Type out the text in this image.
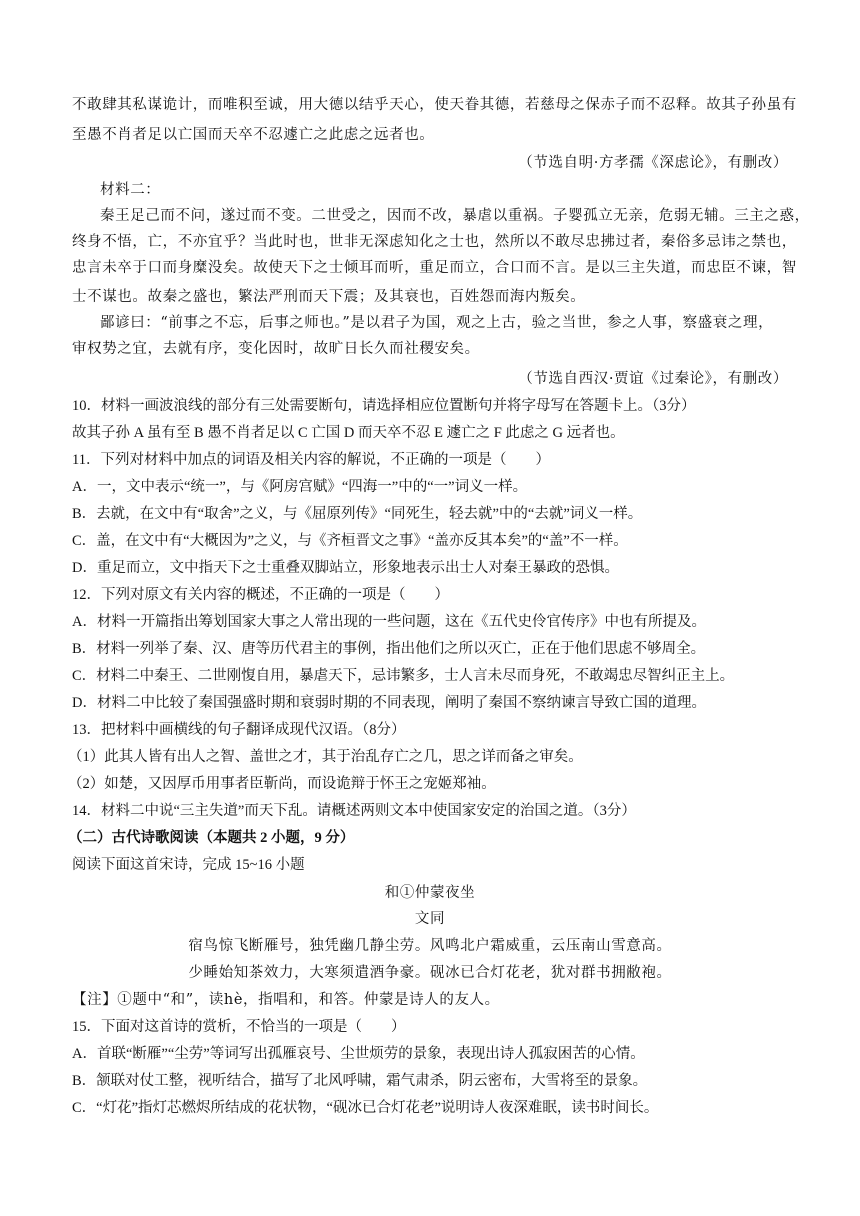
不敢肆其私谋诡计，而唯积至诚，用大德以结乎天心，使天眷其德，若慈母之保赤子而不忍释。故其子孙虽有
至愚不肖者足以亡国而天卒不忍遽亡之此虑之远者也。
（节选自明·方孝孺《深虑论》，有删改）
材料二：
秦王足己而不问，遂过而不变。二世受之，因而不改，暴虐以重祸。子婴孤立无亲，危弱无辅。三主之惑，
终身不悟，亡，不亦宜乎？当此时也，世非无深虑知化之士也，然所以不敢尽忠拂过者，秦俗多忌讳之禁也，
忠言未卒于口而身糜没矣。故使天下之士倾耳而听，重足而立，合口而不言。是以三主失道，而忠臣不谏，智
士不谋也。故秦之盛也，繁法严刑而天下震；及其衰也，百姓怨而海内叛矣。
鄙谚曰：“前事之不忘，后事之师也。”是以君子为国，观之上古，验之当世，参之人事，察盛衰之理，
审权势之宜，去就有序，变化因时，故旷日长久而社稷安矣。
（节选自西汉·贾谊《过秦论》，有删改）
10．材料一画波浪线的部分有三处需要断句，请选择相应位置断句并将字母写在答题卡上。（3分）
故其子孙 A 虽有至 B 愚不肖者足以 C 亡国 D 而天卒不忍 E 遽亡之 F 此虑之 G 远者也。
11．下列对材料中加点的词语及相关内容的解说，不正确的一项是（　　）
A．一，文中表示“统一”，与《阿房宫赋》“四海一”中的“一”词义一样。
B．去就，在文中有“取舍”之义，与《屈原列传》“同死生，轻去就”中的“去就”词义一样。
C．盖，在文中有“大概因为”之义，与《齐桓晋文之事》“盖亦反其本矣”的“盖”不一样。
D．重足而立，文中指天下之士重叠双脚站立，形象地表示出士人对秦王暴政的恐惧。
12．下列对原文有关内容的概述，不正确的一项是（　　）
A．材料一开篇指出筹划国家大事之人常出现的一些问题，这在《五代史伶官传序》中也有所提及。
B．材料一列举了秦、汉、唐等历代君主的事例，指出他们之所以灭亡，正在于他们思虑不够周全。
C．材料二中秦王、二世刚愎自用，暴虐天下，忌讳繁多，士人言未尽而身死，不敢竭忠尽智纠正主上。
D．材料二中比较了秦国强盛时期和衰弱时期的不同表现，阐明了秦国不察纳谏言导致亡国的道理。
13．把材料中画横线的句子翻译成现代汉语。（8分）
（1）此其人皆有出人之智、盖世之才，其于治乱存亡之几，思之详而备之审矣。
（2）如楚，又因厚币用事者臣靳尚，而设诡辩于怀王之宠姬郑袖。
14．材料二中说“三主失道”而天下乱。请概述两则文本中使国家安定的治国之道。（3分）
（二）古代诗歌阅读（本题共 2 小题，9 分）
阅读下面这首宋诗，完成 15~16 小题
和①仲蒙夜坐
文同
宿鸟惊飞断雁号，独凭幽几静尘劳。风鸣北户霜威重，云压南山雪意高。
少睡始知茶效力，大寒须遣酒争豪。砚冰已合灯花老，犹对群书拥敝袍。
【注】①题中“和”，读hè，指唱和，和答。仲蒙是诗人的友人。
15．下面对这首诗的赏析，不恰当的一项是（　　）
A．首联“断雁”“尘劳”等词写出孤雁哀号、尘世烦劳的景象，表现出诗人孤寂困苦的心情。
B．颔联对仗工整，视听结合，描写了北风呼啸，霜气肃杀，阴云密布，大雪将至的景象。
C．“灯花”指灯芯燃烬所结成的花状物，“砚冰已合灯花老”说明诗人夜深难眠，读书时间长。
